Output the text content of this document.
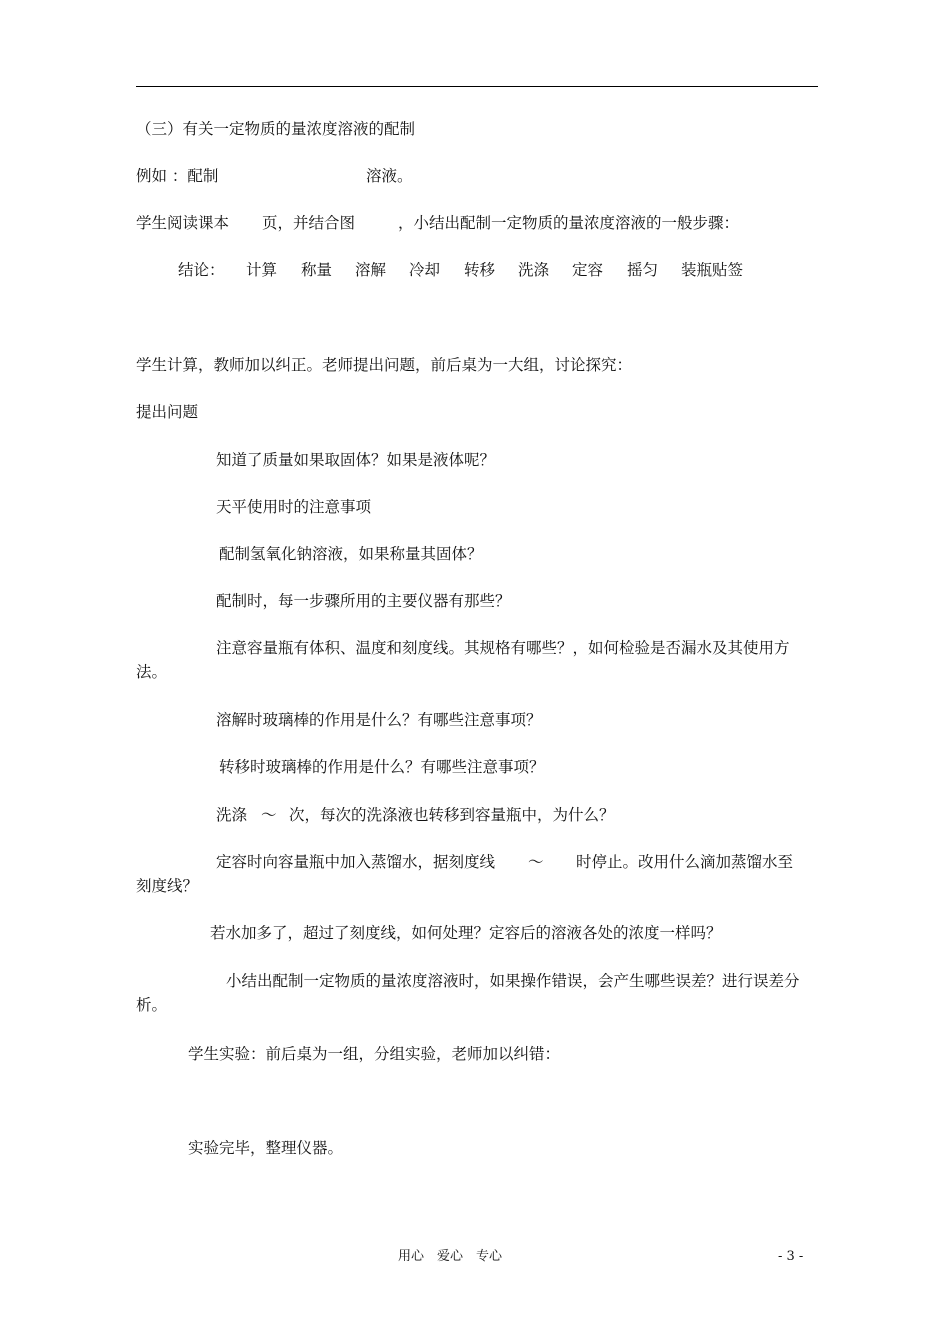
（三）有关一定物质的量浓度溶液的配制
例如 ：配制	溶液。
学生阅读课本 页，并结合图	，小结出配制一定物质的量浓度溶液的一般步骤：
结论： 计算 称量 溶解 冷却 转移 洗涤 定容 摇匀 装瓶贴签
学生计算，教师加以纠正。老师提出问题，前后桌为一大组，讨论探究：
提出问题
知道了质量如果取固体？如果是液体呢？
天平使用时的注意事项
配制氢氧化钠溶液，如果称量其固体？
配制时，每一步骤所用的主要仪器有那些？
注意容量瓶有体积、温度和刻度线。其规格有哪些？，如何检验是否漏水及其使用方法。
溶解时玻璃棒的作用是什么？有哪些注意事项？
转移时玻璃棒的作用是什么？有哪些注意事项？
洗涤 ～ 次，每次的洗涤液也转移到容量瓶中，为什么？
定容时向容量瓶中加入蒸馏水，据刻度线 ～ 时停止。改用什么滴加蒸馏水至
刻度线？
若水加多了，超过了刻度线，如何处理？定容后的溶液各处的浓度一样吗？
小结出配制一定物质的量浓度溶液时，如果操作错误，会产生哪些误差？进行误差分析。
学生实验：前后桌为一组，分组实验，老师加以纠错：
实验完毕，整理仪器。
用心　爱心　专心	- 3 -
